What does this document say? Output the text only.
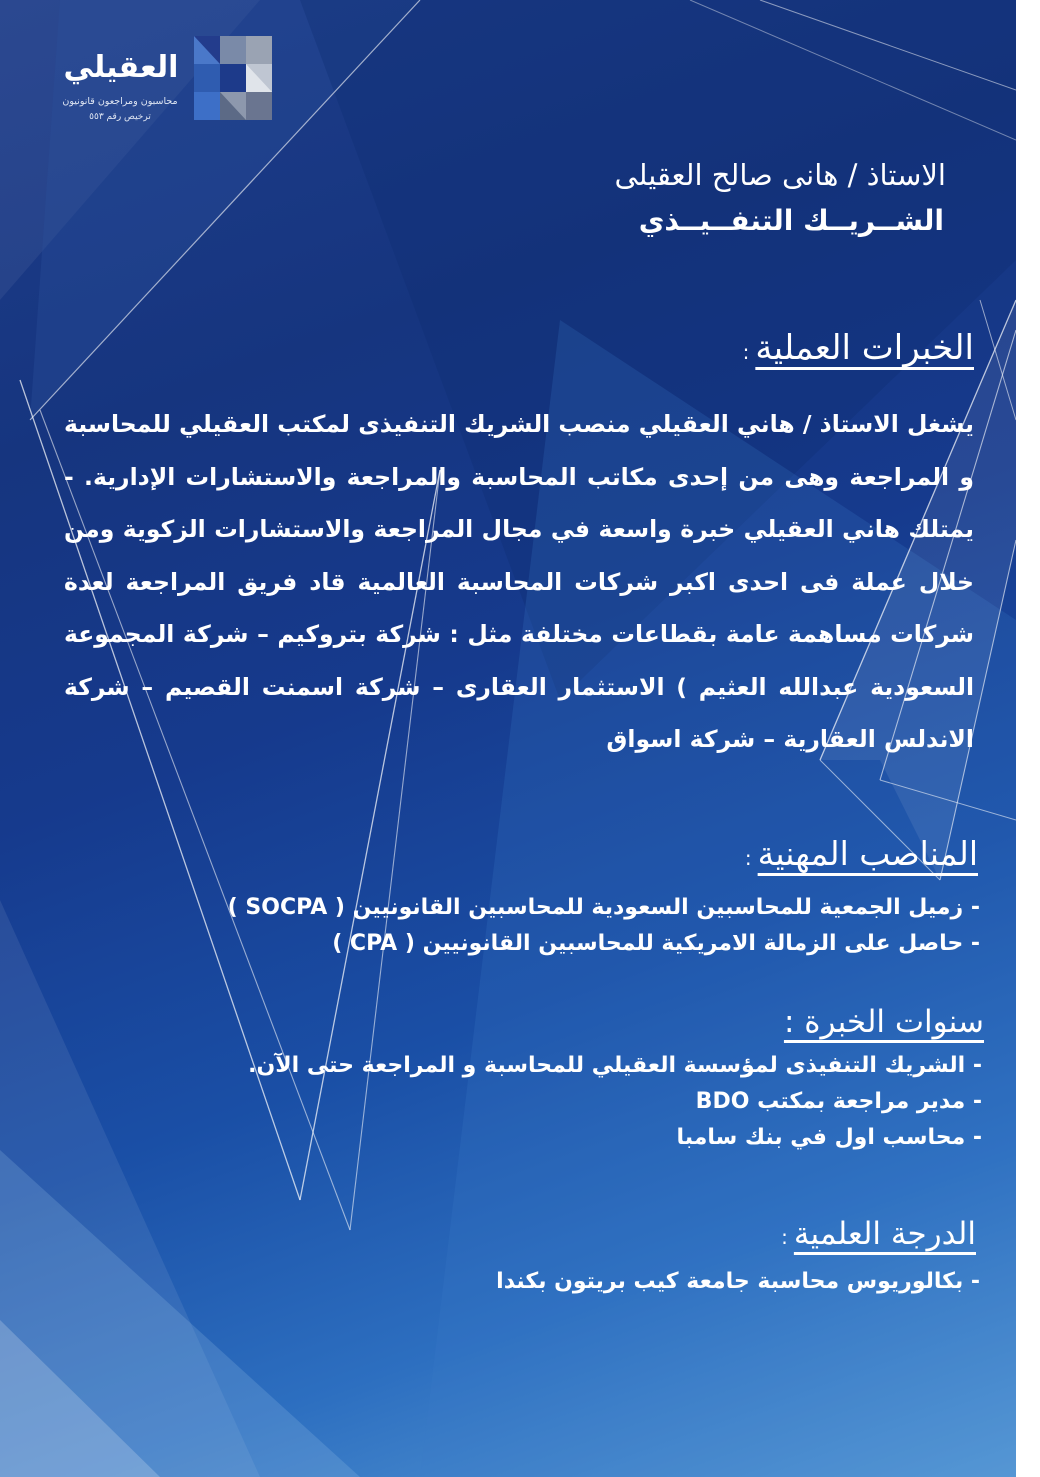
العقيلي
محاسبون ومراجعون قانونيون
ترخيص رقم ٥٥٣
الاستاذ / هانى صالح العقيلى
الشــريــك التنفــيــذي
الخبرات العملية:
يشغل الاستاذ / هاني العقيلي منصب الشريك التنفيذى لمكتب العقيلي للمحاسبة و المراجعة وهى من إحدى مكاتب المحاسبة والمراجعة والاستشارات الإدارية. - يمتلك هاني العقيلي خبرة واسعة في مجال المراجعة والاستشارات الزكوية ومن خلال عملة فى احدى اكبر شركات المحاسبة العالمية قاد فريق المراجعة لعدة شركات مساهمة عامة بقطاعات مختلفة مثل : شركة بتروكيم – شركة المجموعة السعودية عبدالله العثيم ) الاستثمار العقارى – شركة اسمنت القصيم – شركة الاندلس العقارية – شركة اسواق
المناصب المهنية:
- زميل الجمعية للمحاسبين السعودية للمحاسبين القانونيين ( SOCPA )
- حاصل على الزمالة الامريكية للمحاسبين القانونيين ( CPA )
سنوات الخبرة :
- الشريك التنفيذى لمؤسسة العقيلي للمحاسبة و المراجعة حتى الآن.
- مدير مراجعة بمكتب BDO
- محاسب اول في بنك سامبا
الدرجة العلمية:
- بكالوريوس محاسبة جامعة كيب بريتون بكندا
